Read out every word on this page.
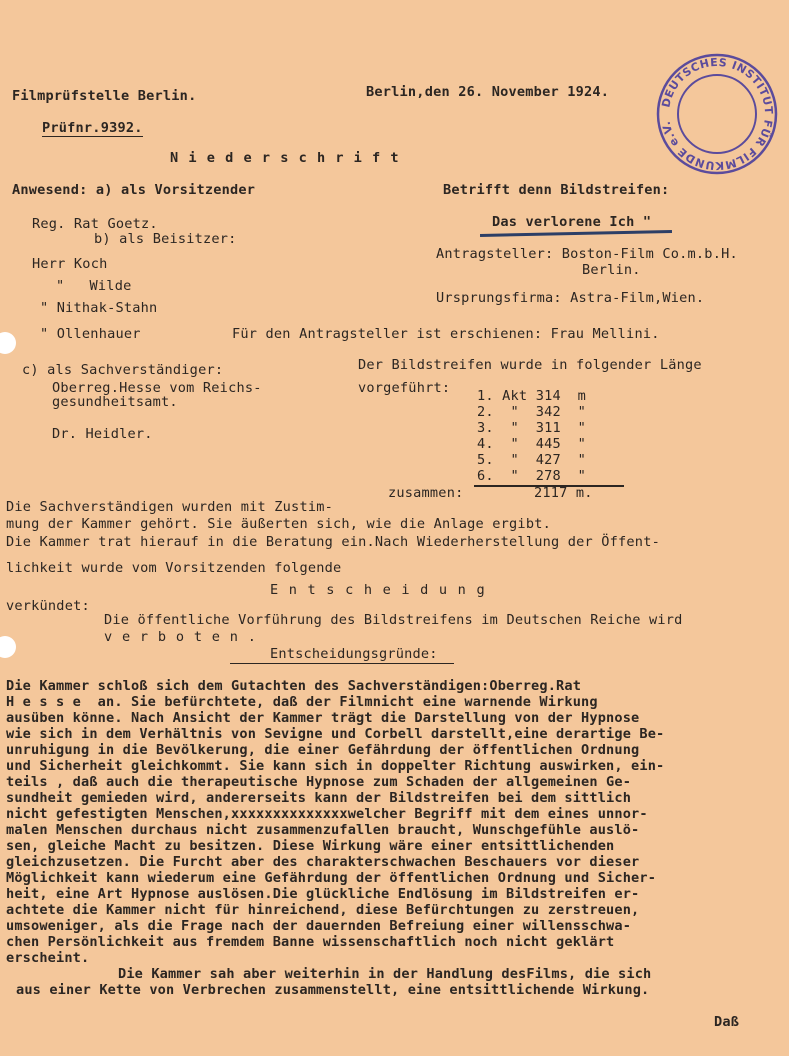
DEUTSCHES INSTITUT FÜR FILMKUNDE e.V.
Filmprüfstelle Berlin.	Berlin,den 26. November 1924.
Prüfnr.9392.
N i e d e r s c h r i f t
Anwesend: a) als Vorsitzender
Reg. Rat Goetz.
b) als Beisitzer:
Herr Koch
"   Wilde
" Nithak-Stahn
" Ollenhauer
c) als Sachverständiger:
Oberreg.Hesse vom Reichs-
gesundheitsamt.
Dr. Heidler.
Betrifft denn Bildstreifen:
Das verlorene Ich "
Antragsteller: Boston-Film Co.m.b.H.
Berlin.
Ursprungsfirma: Astra-Film,Wien.
Für den Antragsteller ist erschienen: Frau Mellini.
Der Bildstreifen wurde in folgender Länge
vorgeführt: 1. Akt 314  m
2.  "  342  "
3.  "  311  "
4.  "  445  "
5.  "  427  "
6.  "  278  "
zusammen:	2117 m.
Die Sachverständigen wurden mit Zustim-
mung der Kammer gehört. Sie äußerten sich, wie die Anlage ergibt.
Die Kammer trat hierauf in die Beratung ein.Nach Wiederherstellung der Öffent-
lichkeit wurde vom Vorsitzenden folgende
E n t s c h e i d u n g
verkündet:
Die öffentliche Vorführung des Bildstreifens im Deutschen Reiche wird
v e r b o t e n .
Entscheidungsgründe:
Die Kammer schloß sich dem Gutachten des Sachverständigen:Oberreg.Rat
H e s s e  an. Sie befürchtete, daß der Filmnicht eine warnende Wirkung
ausüben könne. Nach Ansicht der Kammer trägt die Darstellung von der Hypnose
wie sich in dem Verhältnis von Sevigne und Corbell darstellt,eine derartige Be-
unruhigung in die Bevölkerung, die einer Gefährdung der öffentlichen Ordnung
und Sicherheit gleichkommt. Sie kann sich in doppelter Richtung auswirken, ein-
teils , daß auch die therapeutische Hypnose zum Schaden der allgemeinen Ge-
sundheit gemieden wird, andererseits kann der Bildstreifen bei dem sittlich
nicht gefestigten Menschen,xxxxxxxxxxxxxxwelcher Begriff mit dem eines unnor-
malen Menschen durchaus nicht zusammenzufallen braucht, Wunschgefühle auslö-
sen, gleiche Macht zu besitzen. Diese Wirkung wäre einer entsittlichenden
gleichzusetzen. Die Furcht aber des charakterschwachen Beschauers vor dieser
Möglichkeit kann wiederum eine Gefährdung der öffentlichen Ordnung und Sicher-
heit, eine Art Hypnose auslösen.Die glückliche Endlösung im Bildstreifen er-
achtete die Kammer nicht für hinreichend, diese Befürchtungen zu zerstreuen,
umsoweniger, als die Frage nach der dauernden Befreiung einer willensschwa-
chen Persönlichkeit aus fremdem Banne wissenschaftlich noch nicht geklärt
erscheint.
Die Kammer sah aber weiterhin in der Handlung desFilms, die sich
aus einer Kette von Verbrechen zusammenstellt, eine entsittlichende Wirkung.
Daß
